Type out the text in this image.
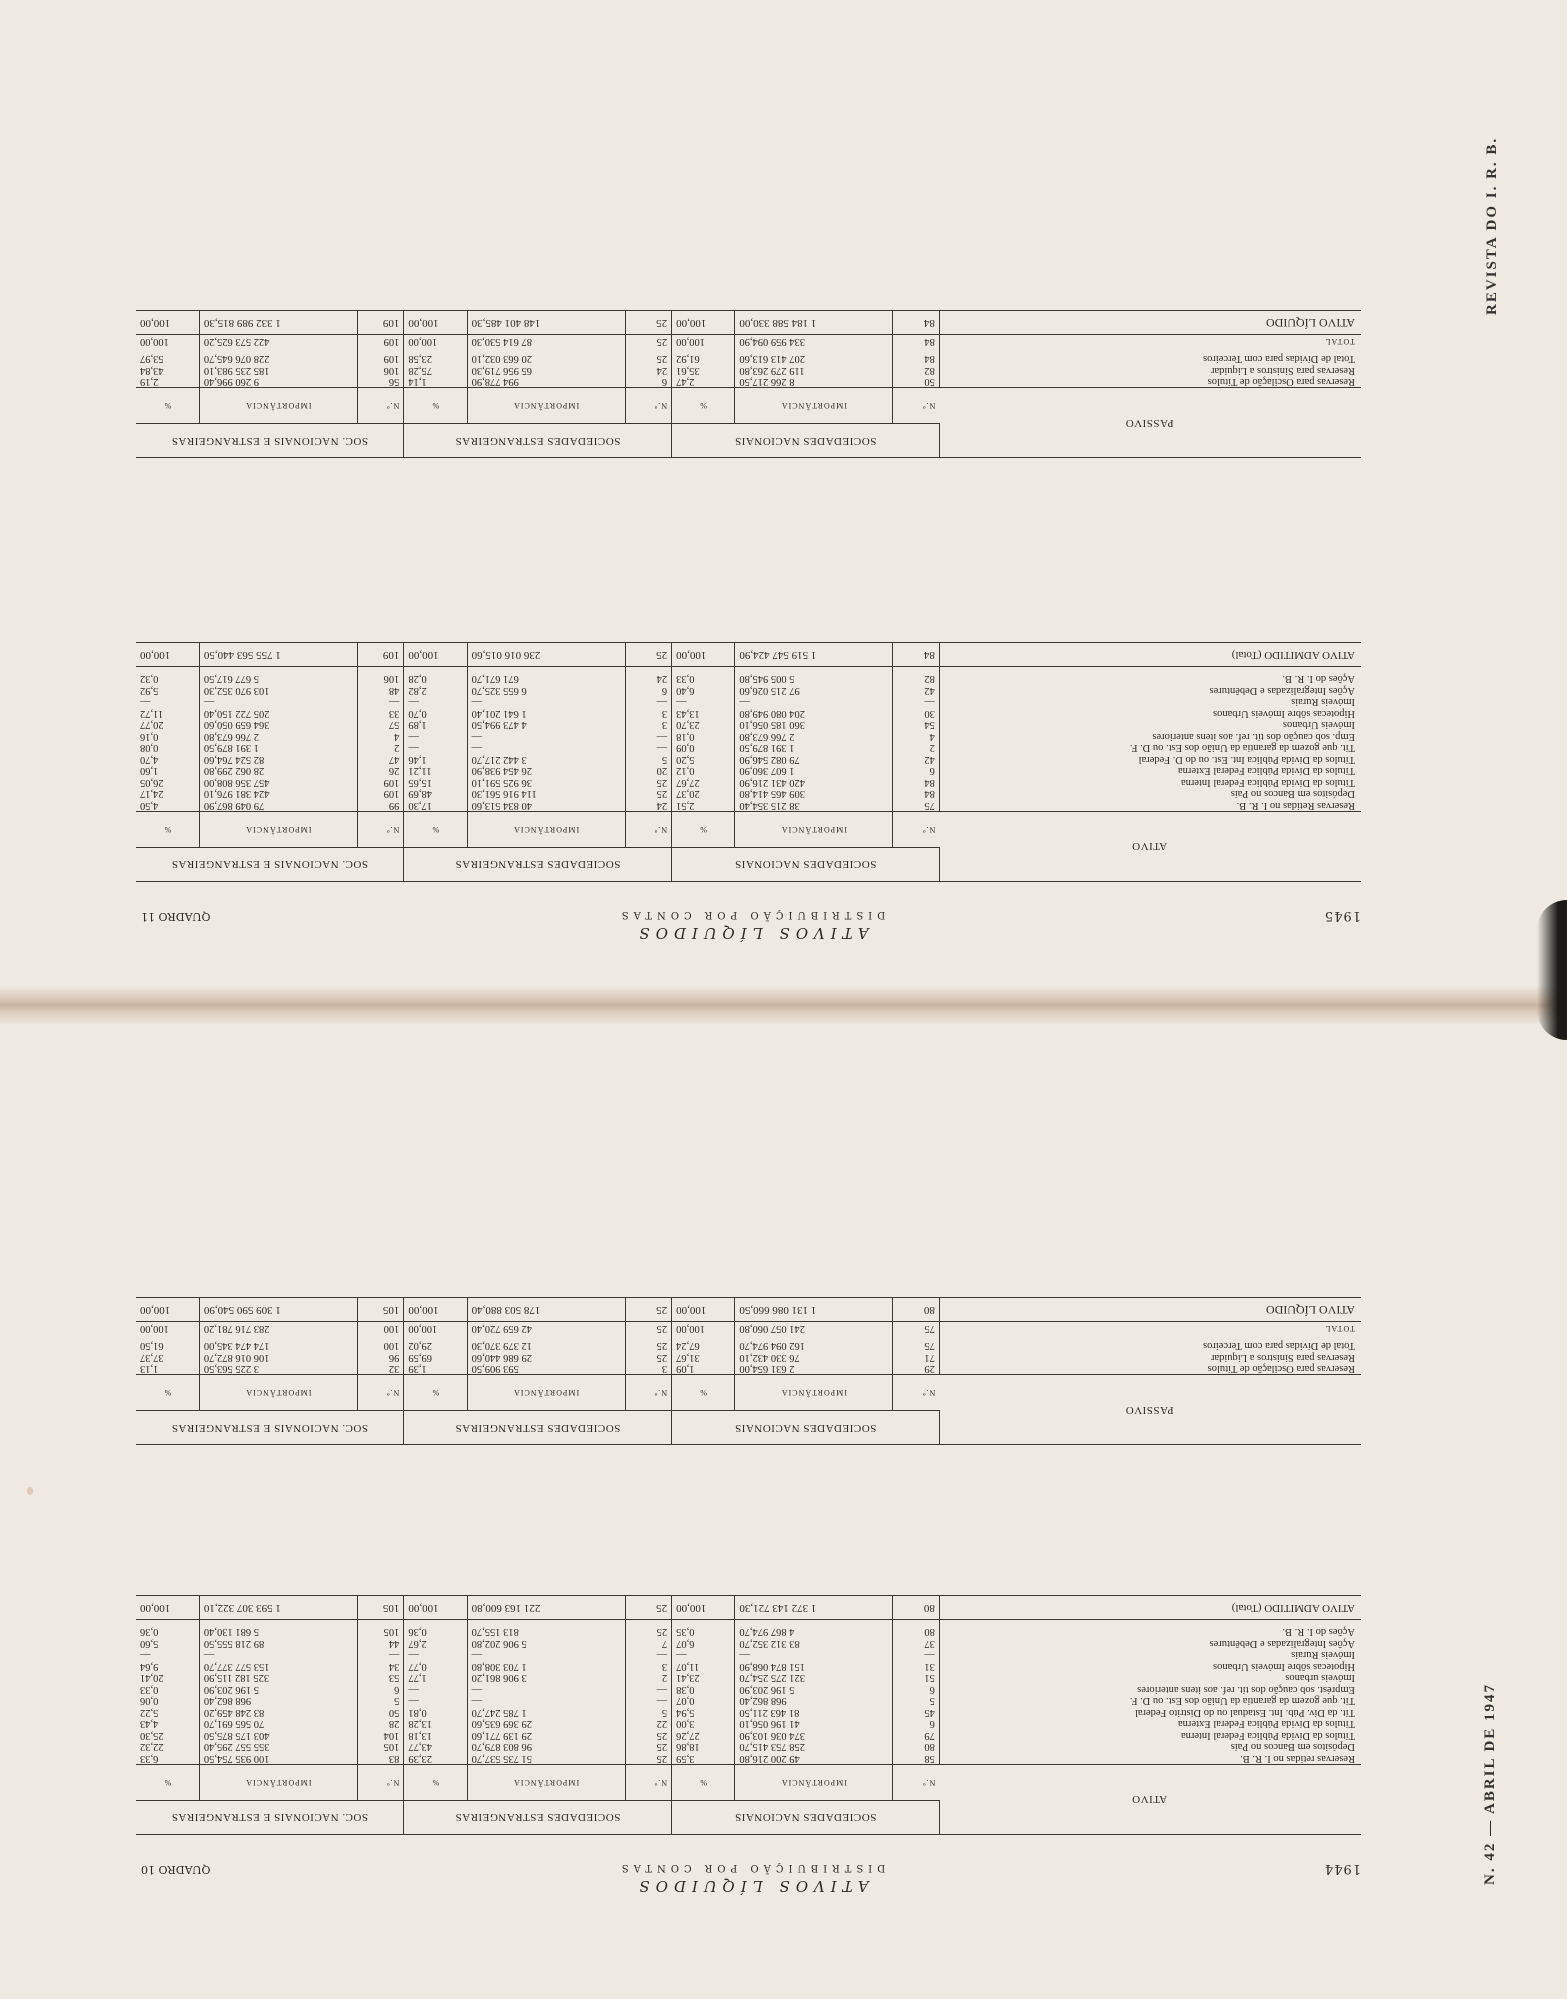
REVISTA DO I. R. B.
N. 42 — ABRIL DE 1947
ATIVOS LÍQUIDOS
DISTRIBUIÇÃO POR CONTAS	1945
QUADRO 11
ATIVO	SOCIEDADES NACIONAIS			SOCIEDADES ESTRANGEIRAS			SOC. NACIONAIS E ESTRANGEIRAS		
	N.º	IMPORTÂNCIA	%	N.º	IMPORTÂNCIA	%	N.º	IMPORTÂNCIA	%
Reservas Retidas no I. R. B.	75	38 215 354,40	2,51	24	40 834 513,60	17,30	99	79 049 867,90	4,50
Depósitos em Bancos no País	84	309 465 414,80	20,37	25	114 916 561,30	48,69	109	424 381 976,10	24,17
Títulos da Dívida Pública Federal Interna	84	420 431 216,90	27,67	25	36 925 591,10	15,65	109	457 356 808,00	26,05
Títulos da Dívida Pública Federal Externa	6	1 607 360,90	0,12	20	26 454 938,90	11,21	26	28 062 299,80	1,60
Títulos da Dívida Pública Int. Est. ou do D. Federal	42	79 082 546,90	5,20	5	3 442 217,70	1,46	47	82 524 764,60	4,70
Tít. que gozem da garantia da União dos Est. ou D. F.	2	1 391 879,50	0,09	—	—	—	2	1 391 879,50	0,08
Emp. sob caução dos tít. ref. aos itens anteriores	4	2 766 673,80	0,18	—	—	—	4	2 766 673,80	0,16
Imóveis Urbanos	54	360 185 056,10	23,70	3	4 473 994,50	1,89	57	364 659 050,60	20,77
Hipotecas sôbre Imóveis Urbanos	30	204 080 949,80	13,43	3	1 641 201,40	0,70	33	205 722 150,40	11,72
Imóveis Rurais	—	—	—	—	—	—	—	—	—
Ações Integralizadas e Debêntures	42	97 215 026,60	6,40	6	6 655 325,70	2,82	48	103 970 352,30	5,92
Ações do I. R. B.	82	5 005 945,80	0,33	24	671 671,70	0,28	106	5 677 617,50	0,32

ATIVO ADMITIDO (Total)	84	1 519 547 424,90	100,00	25	236 016 015,60	100,00	109	1 755 563 440,50	100,00
PASSIVO	SOCIEDADES NACIONAIS			SOCIEDADES ESTRANGEIRAS			SOC. NACIONAIS E ESTRANGEIRAS		
	N.º	IMPORTÂNCIA	%	N.º	IMPORTÂNCIA	%	N.º	IMPORTÂNCIA	%
Reservas para Oscilação de Títulos	50	8 266 217,50	2,47	6	994 778,90	1,14	56	9 260 996,40	2,19
Reservas para Sinistros a Liquidar	82	119 279 263,80	35,61	24	65 956 719,30	75,28	106	185 235 983,10	43,84
Total de Dívidas para com Terceiros	84	207 413 613,60	61,92	25	20 663 032,10	23,58	109	228 076 645,70	53,97

TOTAL	84	334 959 094,90	100,00	25	87 614 530,30	100,00	109	422 573 625,20	100,00
ATIVO LÍQUIDO	84	1 184 588 330,00	100,00	25	148 401 485,30	100,00	109	1 332 989 815,30	100,00
ATIVOS LÍQUIDOS
DISTRIBUIÇÃO POR CONTAS	1944
QUADRO 10
ATIVO	SOCIEDADES NACIONAIS			SOCIEDADES ESTRANGEIRAS			SOC. NACIONAIS E ESTRANGEIRAS		
	N.º	IMPORTÂNCIA	%	N.º	IMPORTÂNCIA	%	N.º	IMPORTÂNCIA	%
Reservas retidas no I. R. B.	58	49 200 216,80	3,59	25	51 735 537,70	23,39	83	100 935 754,50	6,33
Depósitos em Bancos no País	80	258 753 415,70	18,86	25	96 803 879,70	43,77	105	355 557 295,40	22,32
Títulos da Dívida Pública Federal Interna	79	374 036 103,90	27,26	25	29 139 771,60	13,18	104	403 175 875,50	25,30
Títulos da Dívida Pública Federal Externa	6	41 196 056,10	3,00	22	29 369 635,60	13,28	28	70 565 691,70	4,43
Tít. da Dív. Púb. Int. Estadual ou do Distrito Federal	45	81 463 211,50	5,94	5	1 785 247,70	0,81	50	83 248 459,20	5,22
Tít. que gozem da garantia da União dos Est. ou D. F.	5	968 862,40	0,07	—	—	—	5	968 862,40	0,06
Emprést. sob caução dos tít. ref. aos itens anteriores	6	5 196 203,90	0,38	—	—	—	6	5 196 203,90	0,33
Imóveis urbanos	51	321 275 254,70	23,41	2	3 906 861,20	1,77	53	325 182 115,90	20,41
Hipotecas sôbre Imóveis Urbanos	31	151 874 068,90	11,07	3	1 703 308,80	0,77	34	153 577 377,70	9,64
Imóveis Rurais	—	—	—	—	—	—	—	—	—
Ações Integralizadas e Debêntures	37	83 312 352,70	6,07	7	5 906 202,80	2,67	44	89 218 555,50	5,60
Ações do I. R. B.	80	4 867 974,70	0,35	25	813 155,70	0,36	105	5 681 130,40	0,36

ATIVO ADMITIDO (Total)	80	1 372 143 721,30	100,00	25	221 163 600,80	100,00	105	1 593 307 322,10	100,00
PASSIVO	SOCIEDADES NACIONAIS			SOCIEDADES ESTRANGEIRAS			SOC. NACIONAIS E ESTRANGEIRAS		
	N.º	IMPORTÂNCIA	%	N.º	IMPORTÂNCIA	%	N.º	IMPORTÂNCIA	%
Reservas para Oscilação de Títulos	29	2 631 654,00	1,09	3	593 909,50	1,39	32	3 225 563,50	1,13
Reservas para Sinistros a Liquidar	71	76 330 432,10	31,67	25	29 686 440,60	69,59	96	106 016 872,70	37,37
Total de Dívidas para com Terceiros	75	162 094 974,70	67,24	25	12 379 370,30	29,02	100	174 474 345,00	61,50

TOTAL	75	241 057 060,80	100,00	25	42 659 720,40	100,00	100	283 716 781,20	100,00
ATIVO LÍQUIDO	80	1 131 086 660,50	100,00	25	178 503 880,40	100,00	105	1 309 590 540,90	100,00
